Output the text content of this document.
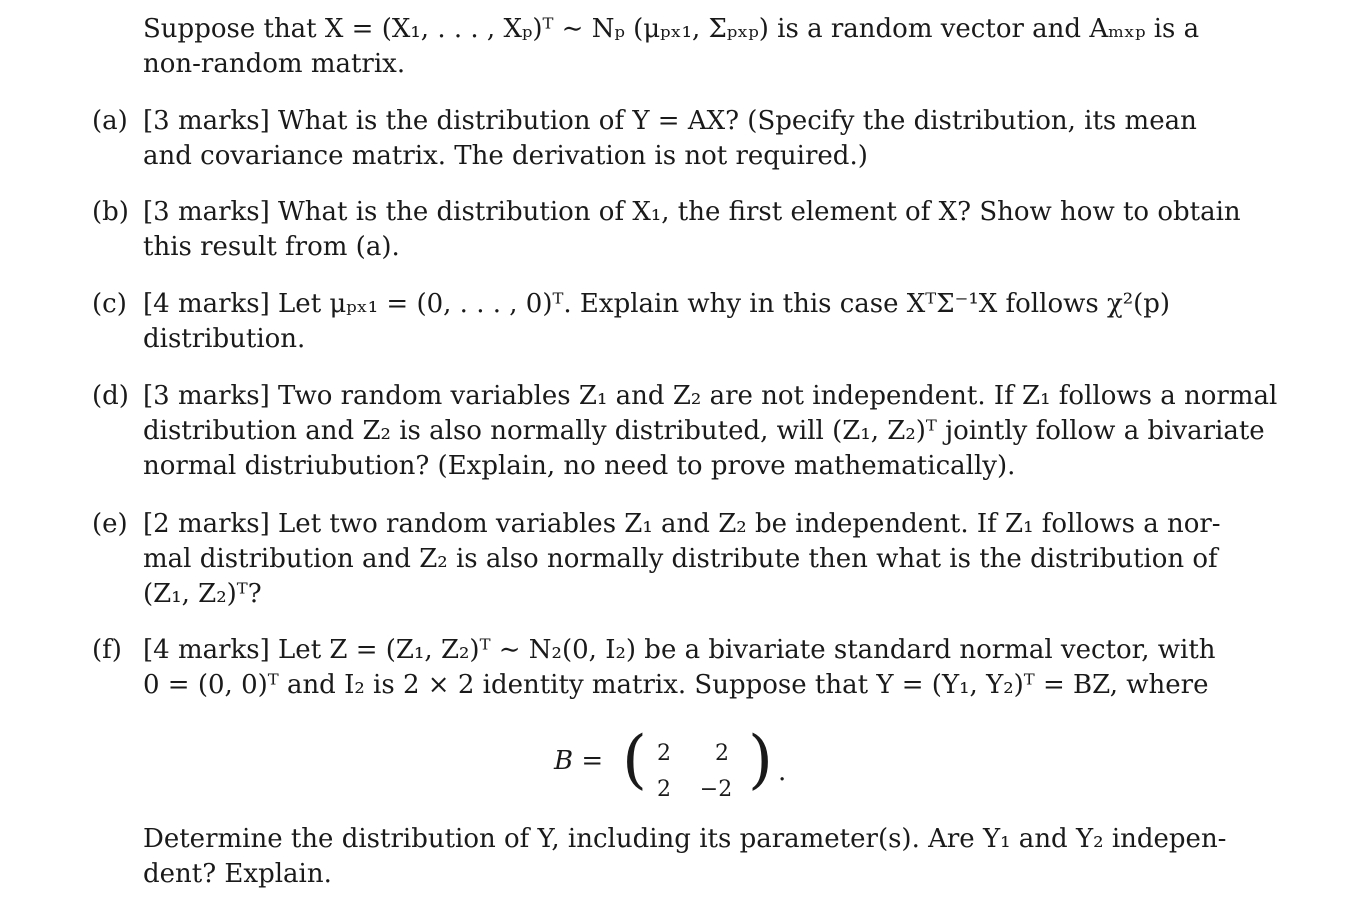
Suppose that X = (X₁, . . . , Xₚ)ᵀ ∼ Nₚ (μₚₓ₁, Σₚₓₚ) is a random vector and Aₘₓₚ is a
non-random matrix.
(a) [3 marks] What is the distribution of Y = AX? (Specify the distribution, its mean
and covariance matrix. The derivation is not required.)
(b) [3 marks] What is the distribution of X₁, the first element of X? Show how to obtain
this result from (a).
(c) [4 marks] Let μₚₓ₁ = (0, . . . , 0)ᵀ. Explain why in this case XᵀΣ⁻¹X follows χ²(p)
distribution.
(d) [3 marks] Two random variables Z₁ and Z₂ are not independent. If Z₁ follows a normal
distribution and Z₂ is also normally distributed, will (Z₁, Z₂)ᵀ jointly follow a bivariate
normal distriubution? (Explain, no need to prove mathematically).
(e) [2 marks] Let two random variables Z₁ and Z₂ be independent. If Z₁ follows a nor-
mal distribution and Z₂ is also normally distribute then what is the distribution of
(Z₁, Z₂)ᵀ?
(f) [4 marks] Let Z = (Z₁, Z₂)ᵀ ∼ N₂(0, I₂) be a bivariate standard normal vector, with
0 = (0, 0)ᵀ and I₂ is 2 × 2 identity matrix. Suppose that Y = (Y₁, Y₂)ᵀ = BZ, where
B = ( 2	2
2	−2 ) .
Determine the distribution of Y, including its parameter(s). Are Y₁ and Y₂ indepen-
dent? Explain.
